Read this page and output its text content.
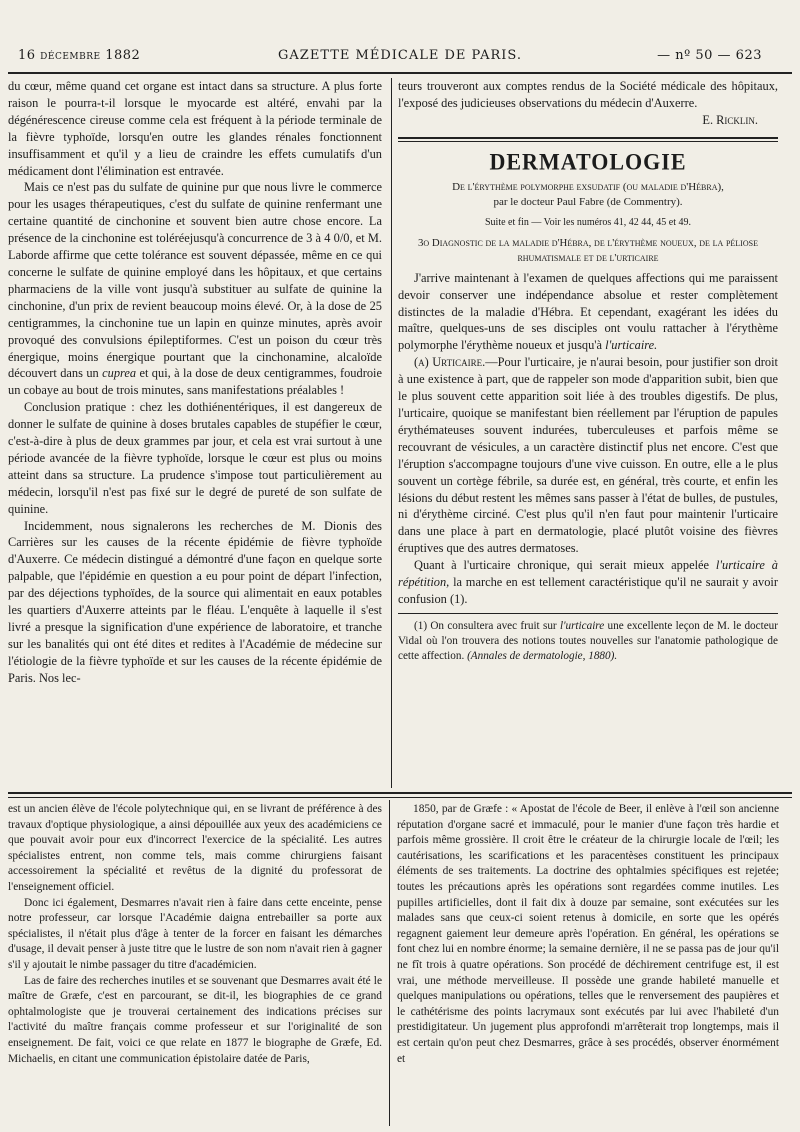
16 décembre 1882	GAZETTE MÉDICALE DE PARIS.	— nº 50 — 623

du cœur, même quand cet organe est intact dans sa structure. A plus forte raison le pourra-t-il lorsque le myocarde est altéré, envahi par la dégénérescence cireuse comme cela est fréquent à la période terminale de la fièvre typhoïde, lorsqu'en outre les glandes rénales fonctionnent insuffisamment et qu'il y a lieu de craindre les effets cumulatifs d'un médicament dont l'élimination est entravée.

Mais ce n'est pas du sulfate de quinine pur que nous livre le commerce pour les usages thérapeutiques, c'est du sulfate de quinine renfermant une certaine quantité de cinchonine et souvent bien autre chose encore. La présence de la cinchonine est toléréejusqu'à concurrence de 3 à 4 0/0, et M. Laborde affirme que cette tolérance est souvent dépassée, même en ce qui concerne le sulfate de quinine employé dans les hôpitaux, et que certains pharmaciens de la ville vont jusqu'à substituer au sulfate de quinine la cinchonine, d'un prix de revient beaucoup moins élevé. Or, à la dose de 25 centigrammes, la cinchonine tue un lapin en quinze minutes, après avoir provoqué des convulsions épileptiformes. C'est un poison du cœur très énergique, moins énergique pourtant que la cinchonamine, alcaloïde découvert dans un cuprea et qui, à la dose de deux centigrammes, foudroie un cobaye au bout de trois minutes, sans manifestations préalables !

Conclusion pratique : chez les dothiénentériques, il est dangereux de donner le sulfate de quinine à doses brutales capables de stupéfier le cœur, c'est-à-dire à plus de deux grammes par jour, et cela est vrai surtout à une période avancée de la fièvre typhoïde, lorsque le cœur est plus ou moins atteint dans sa structure. La prudence s'impose tout particulièrement au médecin, lorsqu'il n'est pas fixé sur le degré de pureté de son sulfate de quinine.

Incidemment, nous signalerons les recherches de M. Dionis des Carrières sur les causes de la récente épidémie de fièvre typhoïde d'Auxerre. Ce médecin distingué a démontré d'une façon en quelque sorte palpable, que l'épidémie en question a eu pour point de départ l'infection, par des déjections typhoïdes, de la source qui alimentait en eaux potables les quartiers d'Auxerre atteints par le fléau. L'enquête à laquelle il s'est livré a presque la signification d'une expérience de laboratoire, et tranche sur les banalités qui ont été dites et redites à l'Académie de médecine sur l'étiologie de la fièvre typhoïde et sur les causes de la récente épidémie de Paris. Nos lec-

teurs trouveront aux comptes rendus de la Société médicale des hôpitaux, l'exposé des judicieuses observations du médecin d'Auxerre.

E. Ricklin.

DERMATOLOGIE

De l'érythème polymorphe exsudatif (ou maladie d'Hébra),

par le docteur Paul Fabre (de Commentry).

Suite et fin — Voir les numéros 41, 42 44, 45 et 49.

3o Diagnostic de la maladie d'Hébra, de l'érythème noueux, de la péliose rhumatismale et de l'urticaire

J'arrive maintenant à l'examen de quelques affections qui me paraissent devoir conserver une indépendance absolue et rester complètement distinctes de la maladie d'Hébra. Et cependant, exagérant les idées du maître, quelques-uns de ses disciples ont voulu rattacher à l'érythème polymorphe l'érythème noueux et jusqu'à l'urticaire.

(a) Urticaire.—Pour l'urticaire, je n'aurai besoin, pour justifier son droit à une existence à part, que de rappeler son mode d'apparition subit, bien que le plus souvent cette apparition soit liée à des troubles digestifs. De plus, l'urticaire, quoique se manifestant bien réellement par l'éruption de papules érythémateuses souvent indurées, tuberculeuses et parfois même se recouvrant de vésicules, a un caractère distinctif plus net encore. C'est que l'éruption s'accompagne toujours d'une vive cuisson. En outre, elle a le plus souvent un cortège fébrile, sa durée est, en général, très courte, et enfin les lésions du début restent les mêmes sans passer à l'état de bulles, de pustules, ni d'érythème circiné. C'est plus qu'il n'en faut pour maintenir l'urticaire dans une place à part en dermatologie, placé plutôt voisine des fièvres éruptives que des autres dermatoses.

Quant à l'urticaire chronique, qui serait mieux appelée l'urticaire à répétition, la marche en est tellement caractéristique qu'il ne saurait y avoir confusion (1).

(1) On consultera avec fruit sur l'urticaire une excellente leçon de M. le docteur Vidal où l'on trouvera des notions toutes nouvelles sur l'anatomie pathologique de cette affection. (Annales de dermatologie, 1880).

est un ancien élève de l'école polytechnique qui, en se livrant de préférence à des travaux d'optique physiologique, a ainsi dépouillée aux yeux des académiciens ce que pouvait avoir pour eux d'incorrect l'exercice de la spécialité. Les autres spécialistes entrent, non comme tels, mais comme chirurgiens faisant accessoirement la spécialité et revêtus de la dignité du professorat de l'enseignement officiel.

Donc ici également, Desmarres n'avait rien à faire dans cette enceinte, pense notre professeur, car lorsque l'Académie daigna entrebailler sa porte aux spécialistes, il n'était plus d'âge à tenter de la forcer en faisant les démarches d'usage, il devait penser à juste titre que le lustre de son nom n'avait rien à gagner s'il y ajoutait le nimbe passager du titre d'académicien.

Las de faire des recherches inutiles et se souvenant que Desmarres avait été le maître de Græfe, c'est en parcourant, se dit-il, les biographies de ce grand ophtalmologiste que je trouverai certainement des indications précises sur l'activité du maître français comme professeur et sur l'originalité de son enseignement. De fait, voici ce que relate en 1877 le biographe de Græfe, Ed. Michaelis, en citant une communication épistolaire datée de Paris,

1850, par de Græfe : « Apostat de l'école de Beer, il enlève à l'œil son ancienne réputation d'organe sacré et immaculé, pour le manier d'une façon très hardie et parfois même grossière. Il croit être le créateur de la chirurgie locale de l'œil; les cautérisations, les scarifications et les paracentèses constituent les principaux éléments de ses traitements. La doctrine des ophtalmies spécifiques est rejetée; toutes les précautions après les opérations sont regardées comme inutiles. Les pupilles artificielles, dont il fait dix à douze par semaine, sont exécutées sur les malades sans que ceux-ci soient retenus à domicile, en sorte que les opérés regagnent gaiement leur demeure après l'opération. En général, les opérations se font chez lui en nombre énorme; la semaine dernière, il ne se passa pas de jour qu'il ne fît trois à quatre opérations. Son procédé de déchirement centrifuge est, il est vrai, une méthode merveilleuse. Il possède une grande habileté manuelle et quelques manipulations ou opérations, telles que le renversement des paupières et le cathétérisme des points lacrymaux sont exécutés par lui avec l'habileté d'un prestidigitateur. Un jugement plus approfondi m'arrêterait trop longtemps, mais il est certain qu'on peut chez Desmarres, grâce à ses procédés, observer énormément et
